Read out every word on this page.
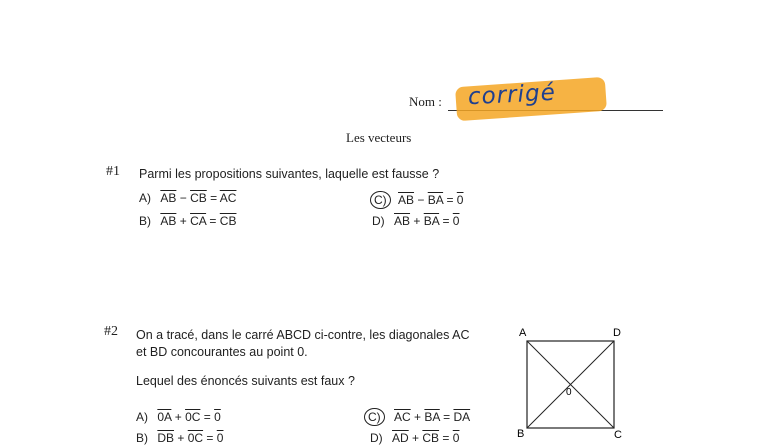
Nom : corrigé
Les vecteurs
#1 Parmi les propositions suivantes, laquelle est fausse ?
A) $\overline{AB} - \overline{CB} = \overline{AC}$	C) $\overline{AB} - \overline{BA} = 0$
B) $\overline{AB} + \overline{CA} = \overline{CB}$	D) $\overline{AB} + \overline{BA} = 0$
#2 On a tracé, dans le carré ABCD ci-contre, les diagonales AC
et BD concourantes au point 0.
Lequel des énoncés suivants est faux ?
A) 0A + 0C = 0	C) $\overline{AC} + \overline{BA} = \overline{DA}$
B) $\overline{DB} + 0C = 0$	D) $\overline{AD} + \overline{CB} = 0$
A	D
B	C
0
